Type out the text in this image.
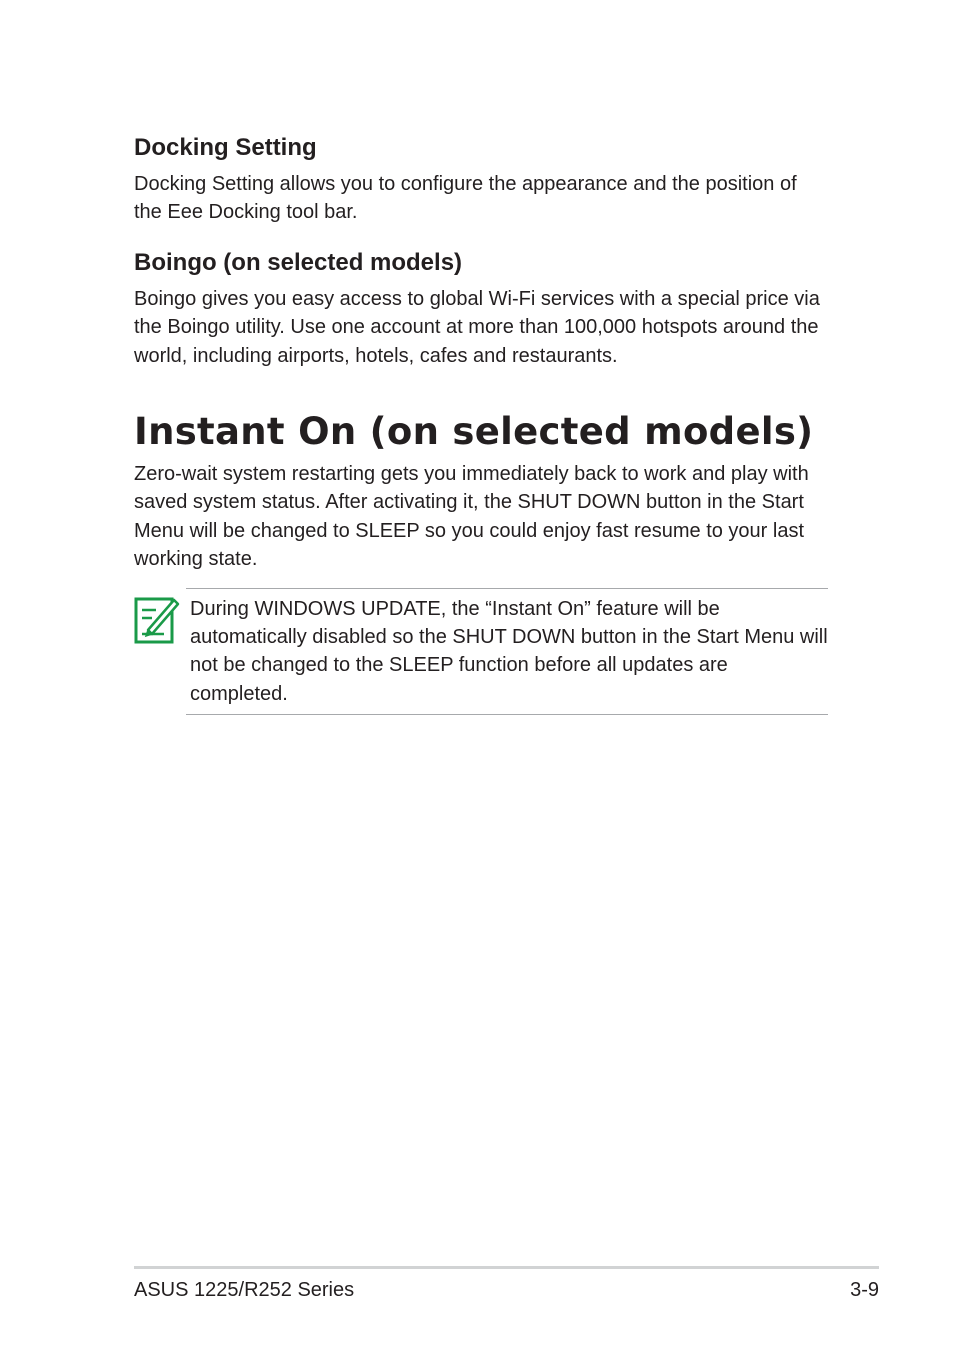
Docking Setting

Docking Setting allows you to configure the appearance and the position of the Eee Docking tool bar.

Boingo (on selected models)

Boingo gives you easy access to global Wi-Fi services with a special price via the Boingo utility. Use one account at more than 100,000 hotspots around the world, including airports, hotels, cafes and restaurants.

Instant On (on selected models)

Zero-wait system restarting gets you immediately back to work and play with saved system status. After activating it, the SHUT DOWN button in the Start Menu will be changed to SLEEP so you could enjoy fast resume to your last working state.

During WINDOWS UPDATE, the “Instant On” feature will be automatically disabled so the SHUT DOWN button in the Start Menu will not be changed to the SLEEP function before all updates are completed.

ASUS 1225/R252 Series	3-9
